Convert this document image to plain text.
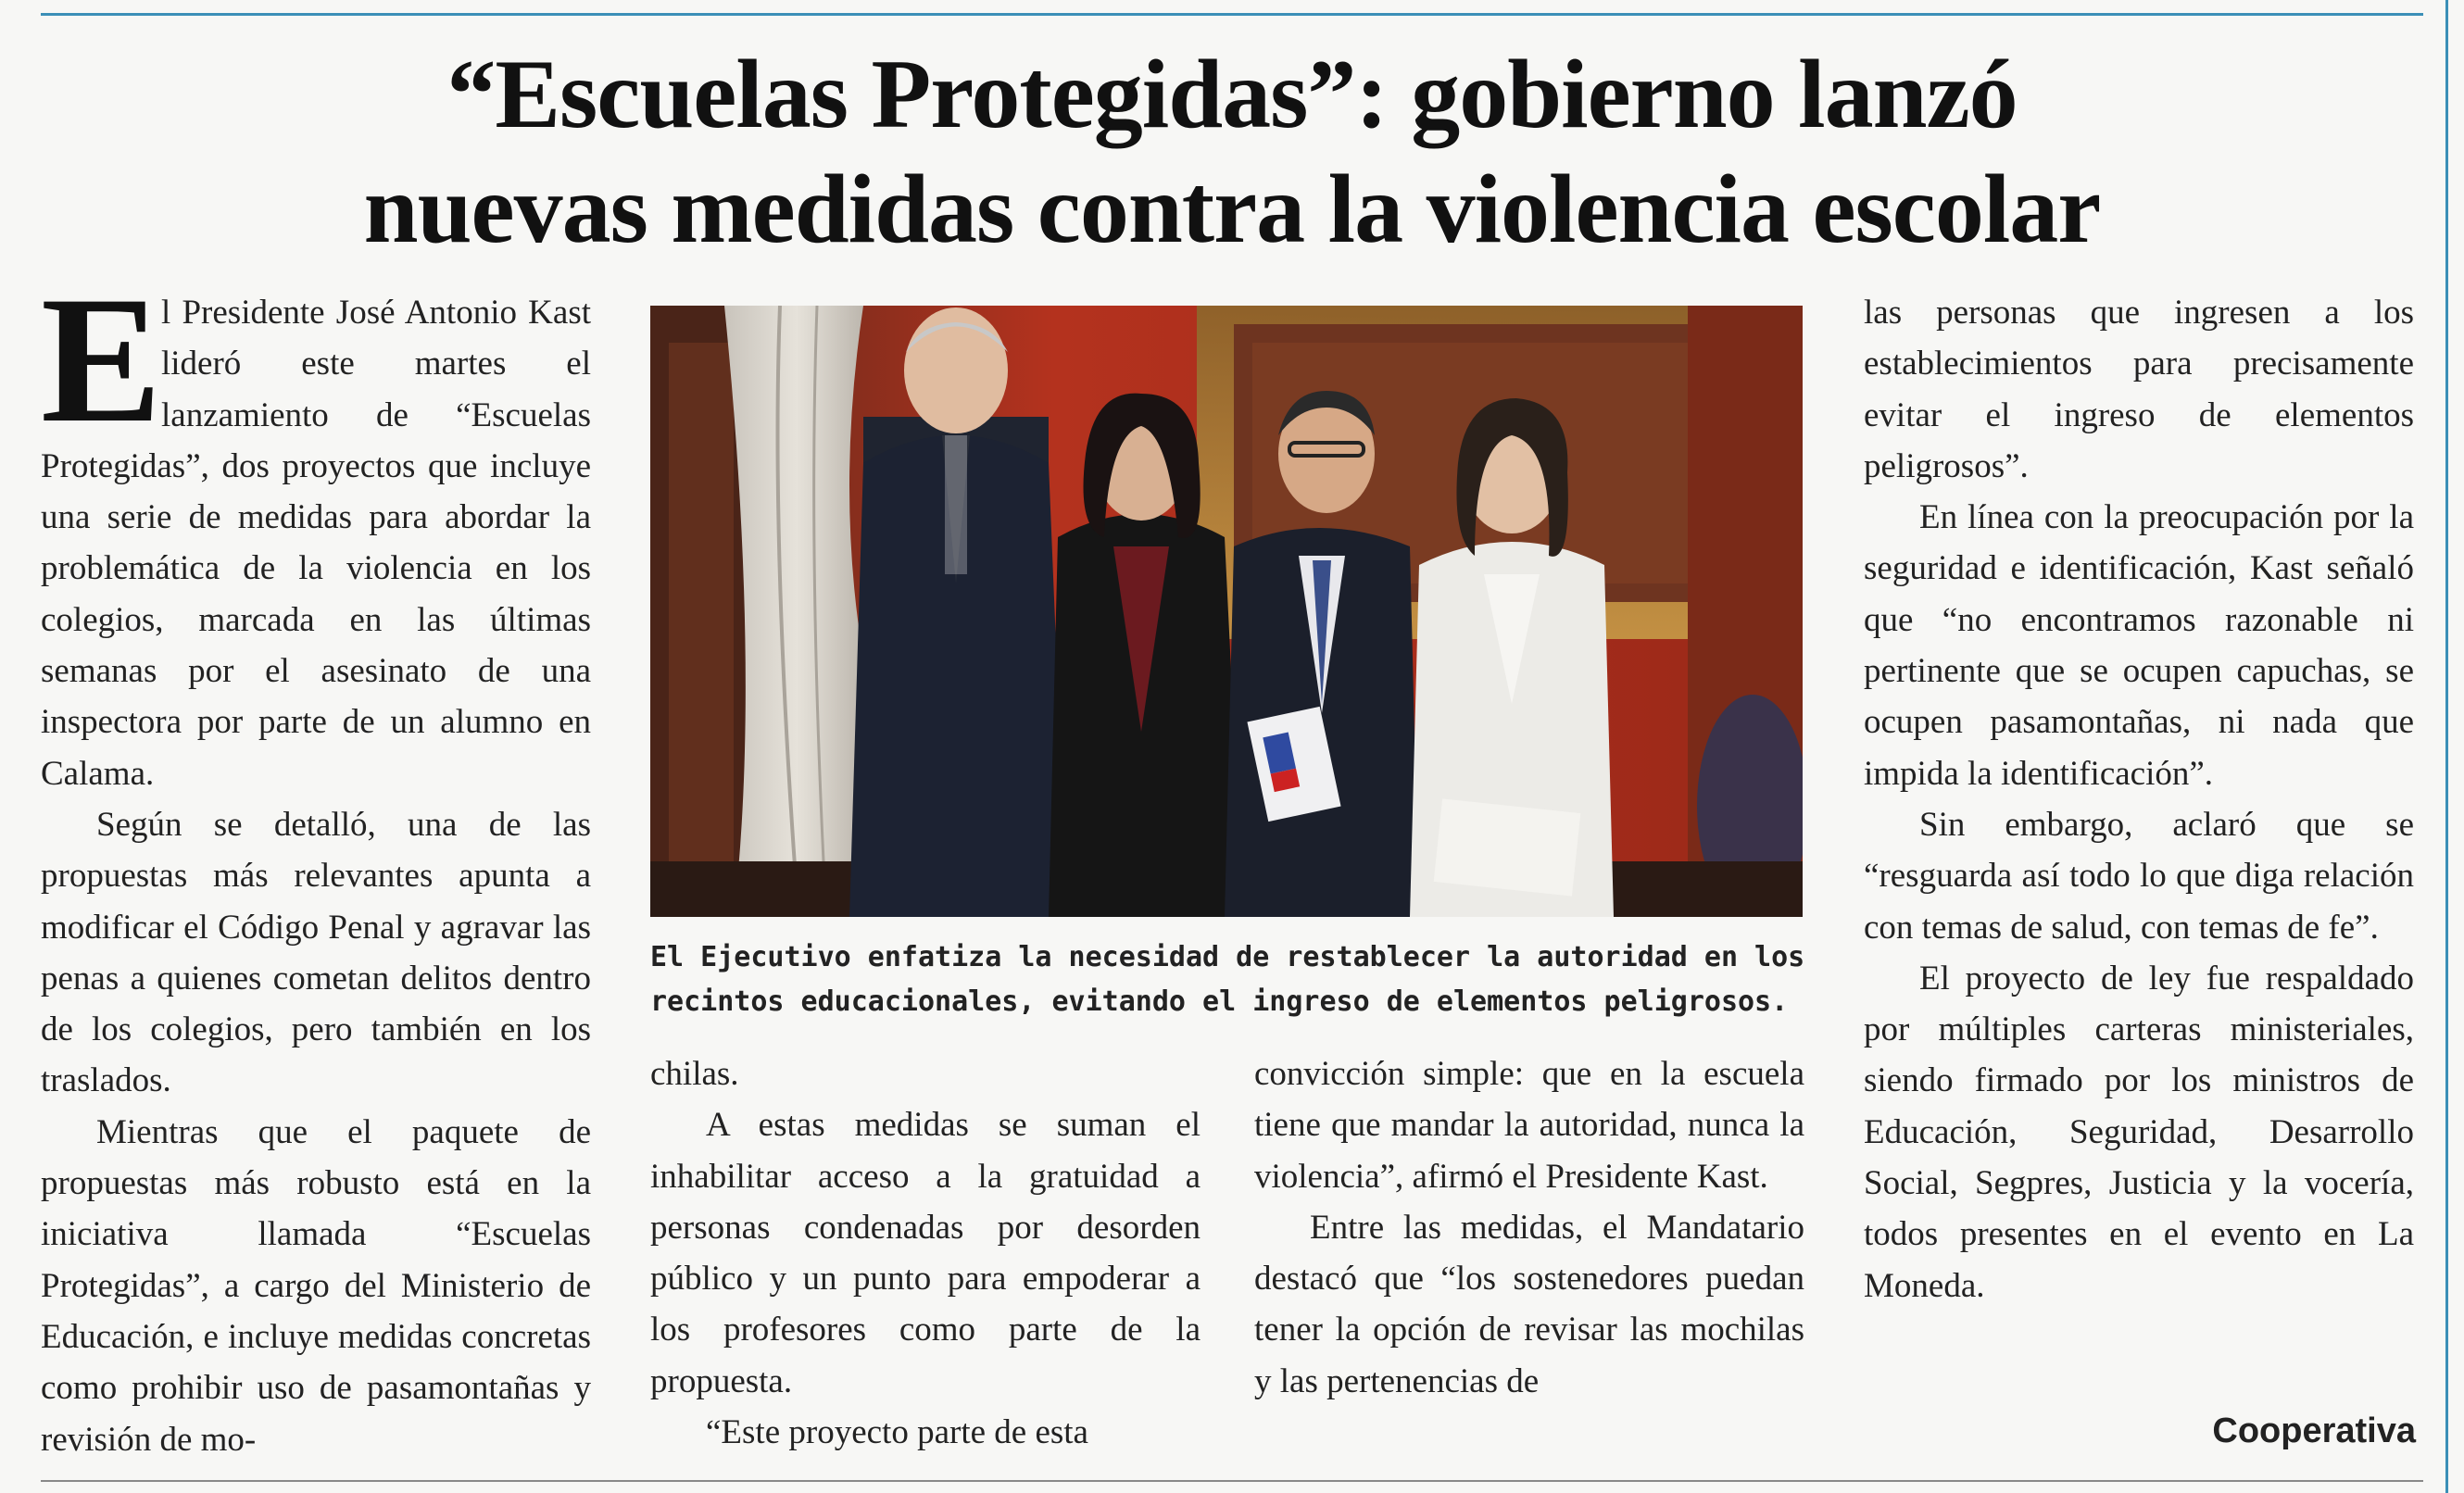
“Escuelas Protegidas”: gobierno lanzó
nuevas medidas contra la violencia escolar

El Presidente José Antonio Kast lideró este martes el lanzamiento de “Escuelas Protegidas”, dos proyectos que incluye una serie de medidas para abordar la problemática de la violencia en los colegios, marcada en las últimas semanas por el asesinato de una inspectora por parte de un alumno en Calama.

Según se detalló, una de las propuestas más relevantes apunta a modificar el Código Penal y agravar las penas a quienes cometan delitos dentro de los colegios, pero también en los traslados.

Mientras que el paquete de propuestas más robusto está en la iniciativa llamada “Escuelas Protegidas”, a cargo del Ministerio de Educación, e incluye medidas concretas como prohibir uso de pasamontañas y revisión de mo-

El Ejecutivo enfatiza la necesidad de restablecer la autoridad en los recintos educacionales, evitando el ingreso de elementos peligrosos.

chilas.

A estas medidas se suman el inhabilitar acceso a la gratuidad a personas condenadas por desorden público y un punto para empoderar a los profesores como parte de la propuesta.

“Este proyecto parte de esta

convicción simple: que en la escuela tiene que mandar la autoridad, nunca la violencia”, afirmó el Presidente Kast.

Entre las medidas, el Mandatario destacó que “los sostenedores puedan tener la opción de revisar las mochilas y las pertenencias de

las personas que ingresen a los establecimientos para precisamente evitar el ingreso de elementos peligrosos”.

En línea con la preocupación por la seguridad e identificación, Kast señaló que “no encontramos razonable ni pertinente que se ocupen capuchas, se ocupen pasamontañas, ni nada que impida la identificación”.

Sin embargo, aclaró que se “resguarda así todo lo que diga relación con temas de salud, con temas de fe”.

El proyecto de ley fue respaldado por múltiples carteras ministeriales, siendo firmado por los ministros de Educación, Seguridad, Desarrollo Social, Segpres, Justicia y la vocería, todos presentes en el evento en La Moneda.

Cooperativa
